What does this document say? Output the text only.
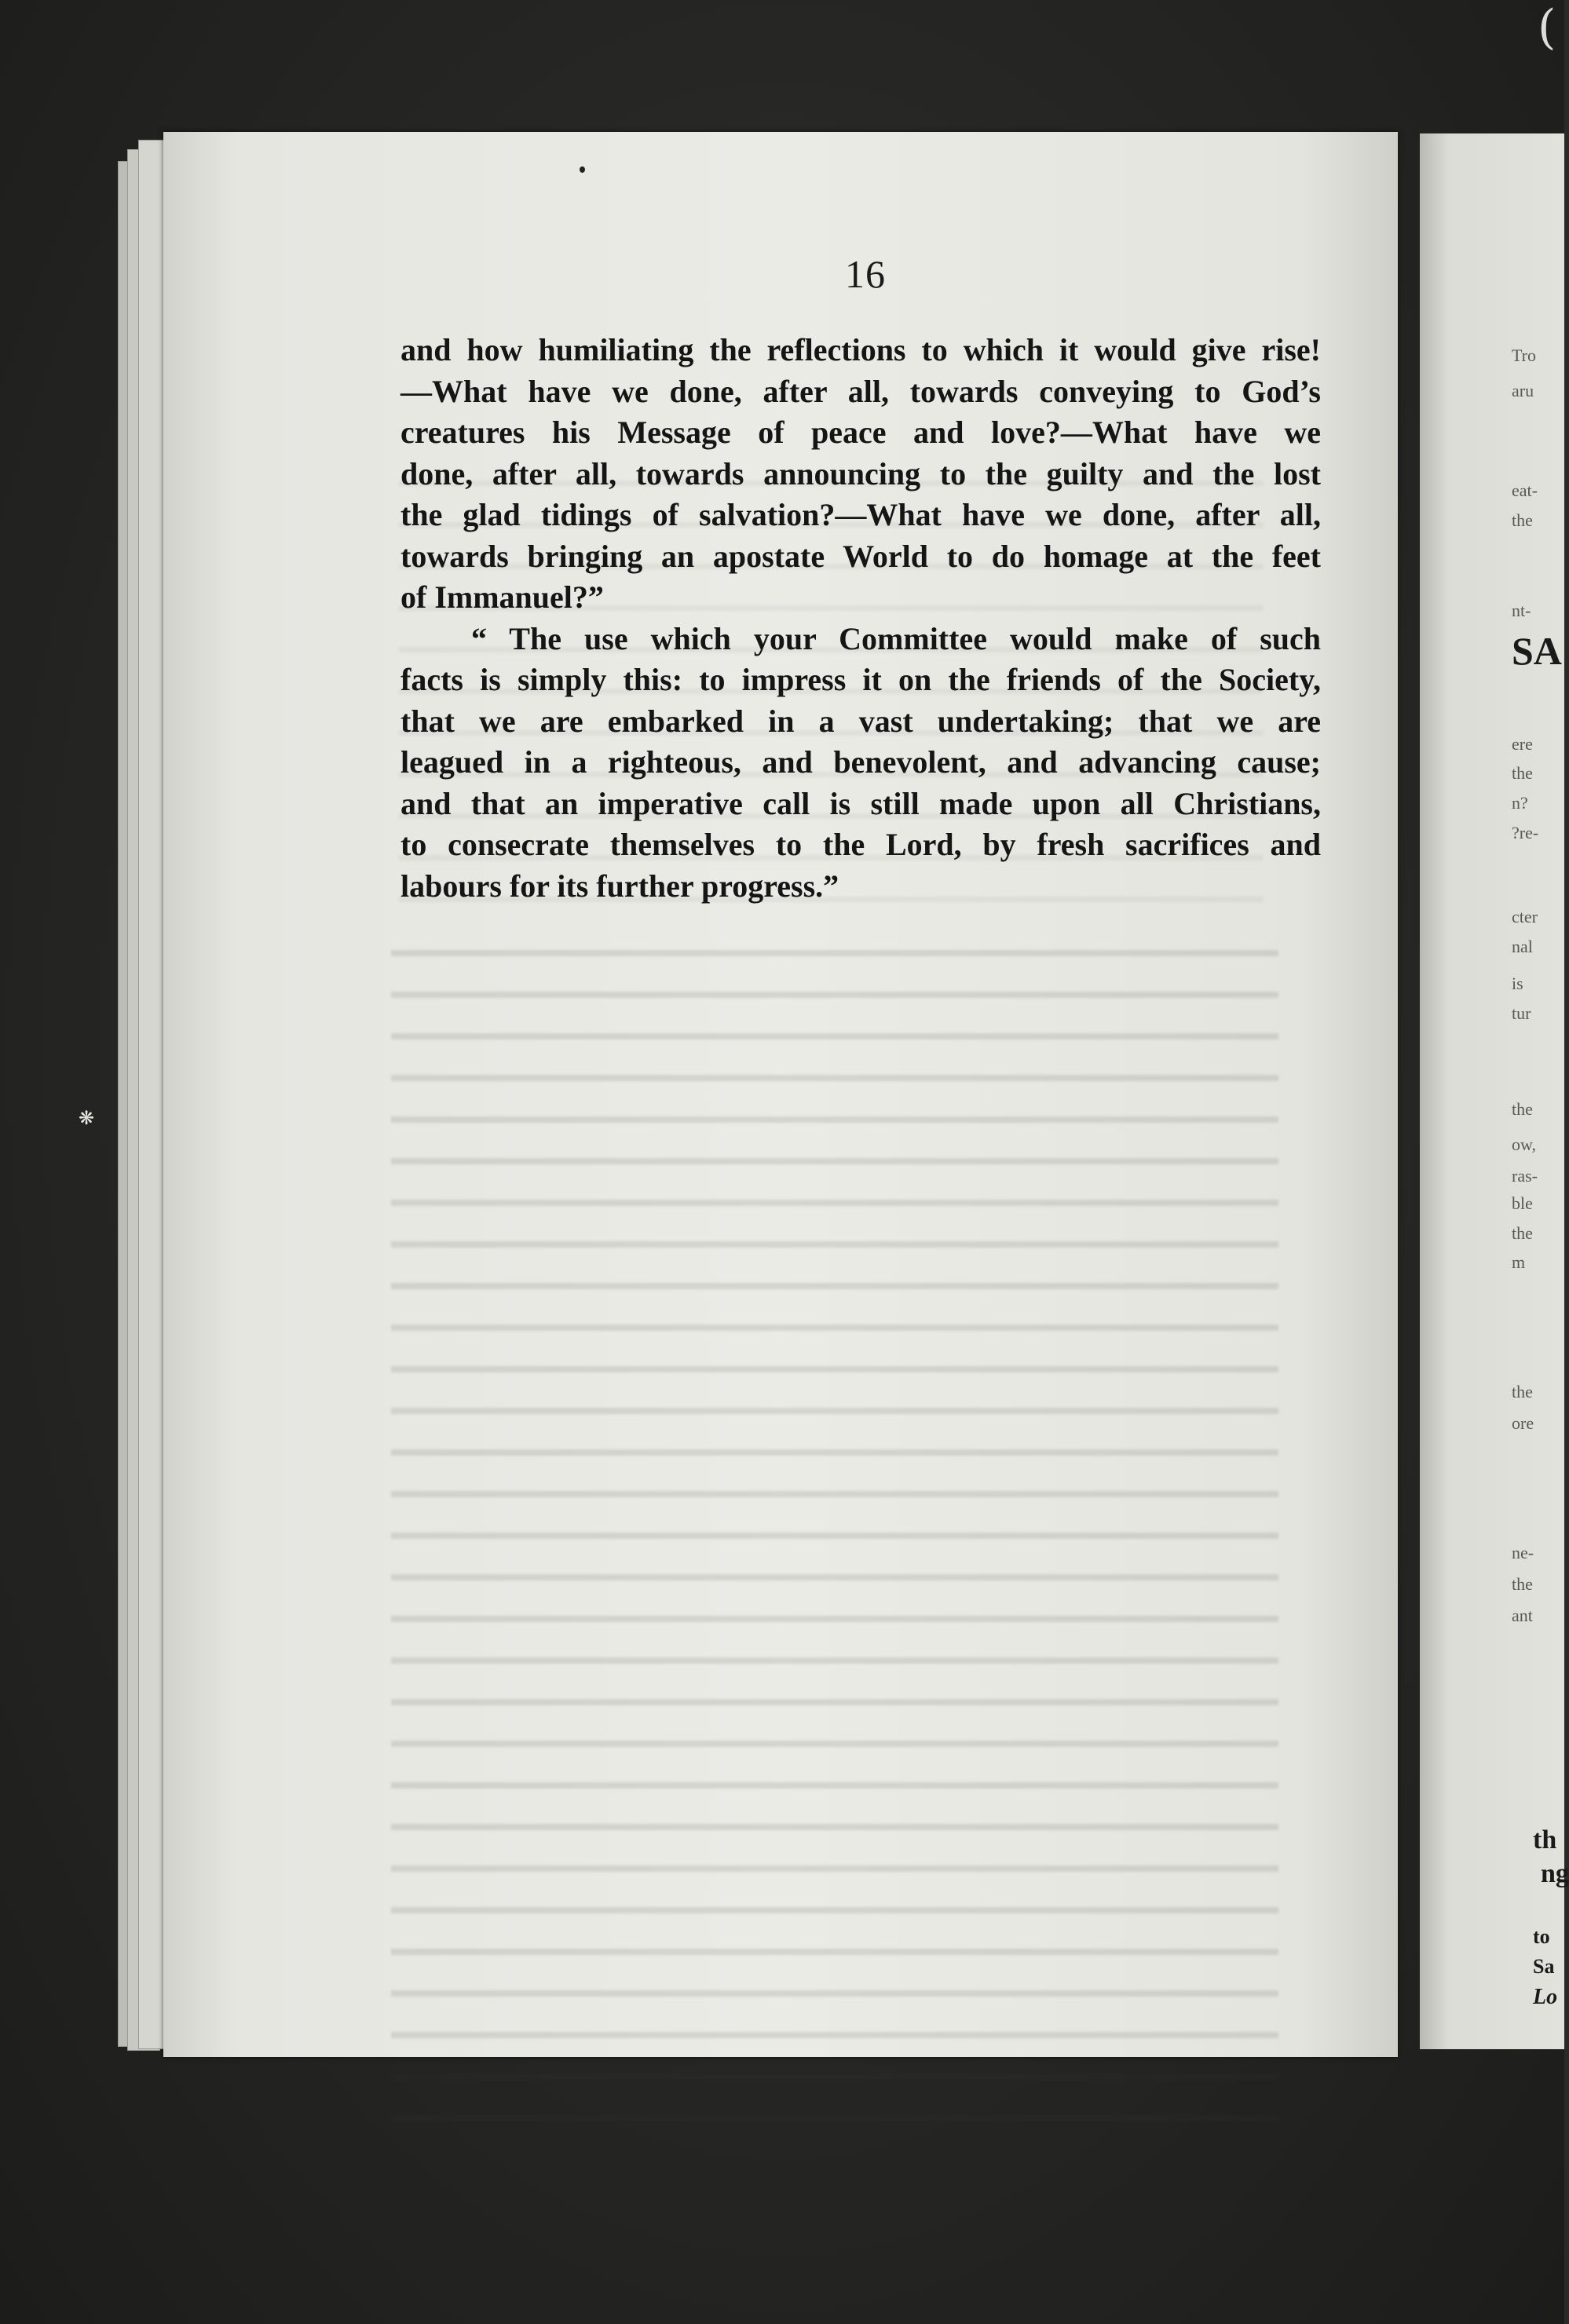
16
and how humiliating the reflections to which it would give rise!
—What have we done, after all, towards conveying to God’s
creatures his Message of peace and love?—What have we
done, after all, towards announcing to the guilty and the lost
the glad tidings of salvation?—What have we done, after all,
towards bringing an apostate World to do homage at the feet
of Immanuel?”
“ The use which your Committee would make of such
facts is simply this: to impress it on the friends of the Society,
that we are embarked in a vast undertaking; that we are
leagued in a righteous, and benevolent, and advancing cause;
and that an imperative call is still made upon all Christians,
to consecrate themselves to the Lord, by fresh sacrifices and
labours for its further progress.”
Tro
aru
eat-
the
nt-
SA
ere
the
n?
?re-
cter
nal
is
tur
the
ow,
ras-
ble
the
m
the
ore
ne-
the
ant
th
ng
to
Sa
Lo
(
❋
